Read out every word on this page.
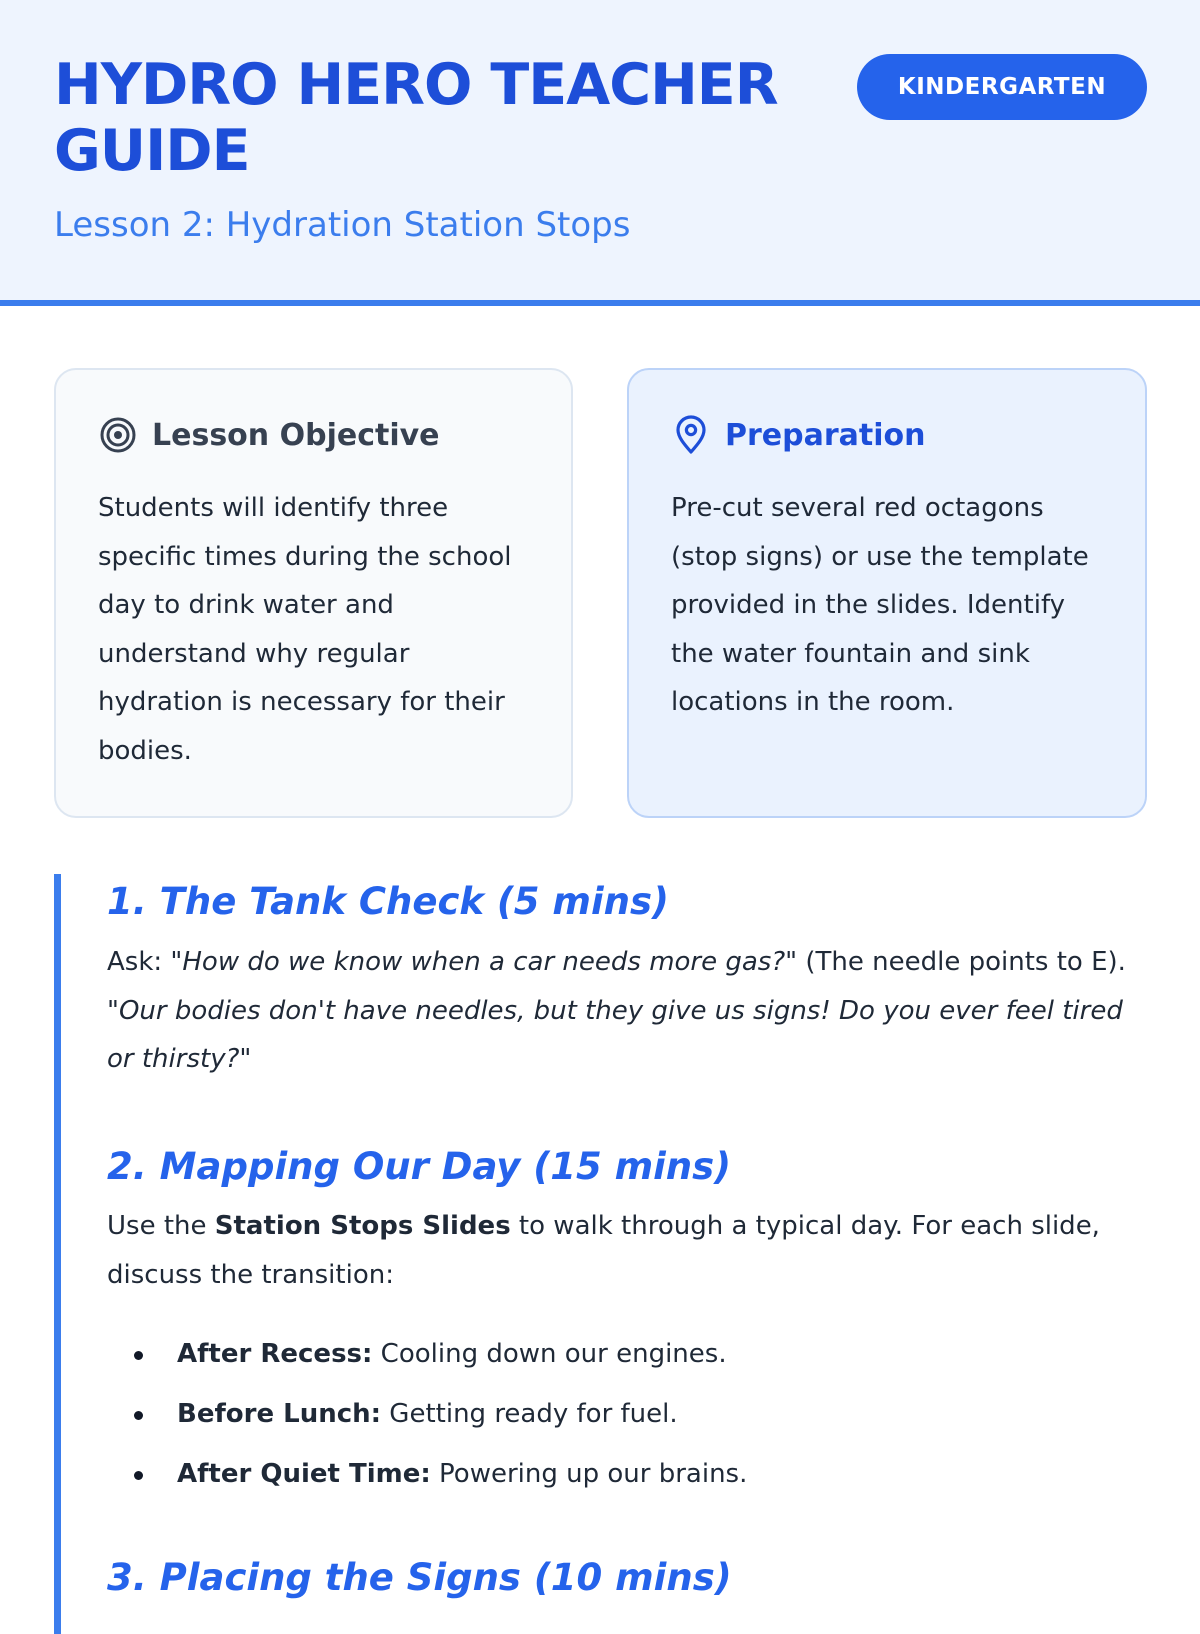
HYDRO HERO TEACHER GUIDE
Lesson 2: Hydration Station Stops
KINDERGARTEN
Lesson Objective
Students will identify three specific times during the school day to drink water and understand why regular hydration is necessary for their bodies.
Preparation
Pre-cut several red octagons (stop signs) or use the template provided in the slides. Identify the water fountain and sink locations in the room.
1. The Tank Check (5 mins)
Ask: "How do we know when a car needs more gas?" (The needle points to E). "Our bodies don't have needles, but they give us signs! Do you ever feel tired or thirsty?"
2. Mapping Our Day (15 mins)
Use the Station Stops Slides to walk through a typical day. For each slide, discuss the transition:
After Recess: Cooling down our engines.
Before Lunch: Getting ready for fuel.
After Quiet Time: Powering up our brains.
3. Placing the Signs (10 mins)
